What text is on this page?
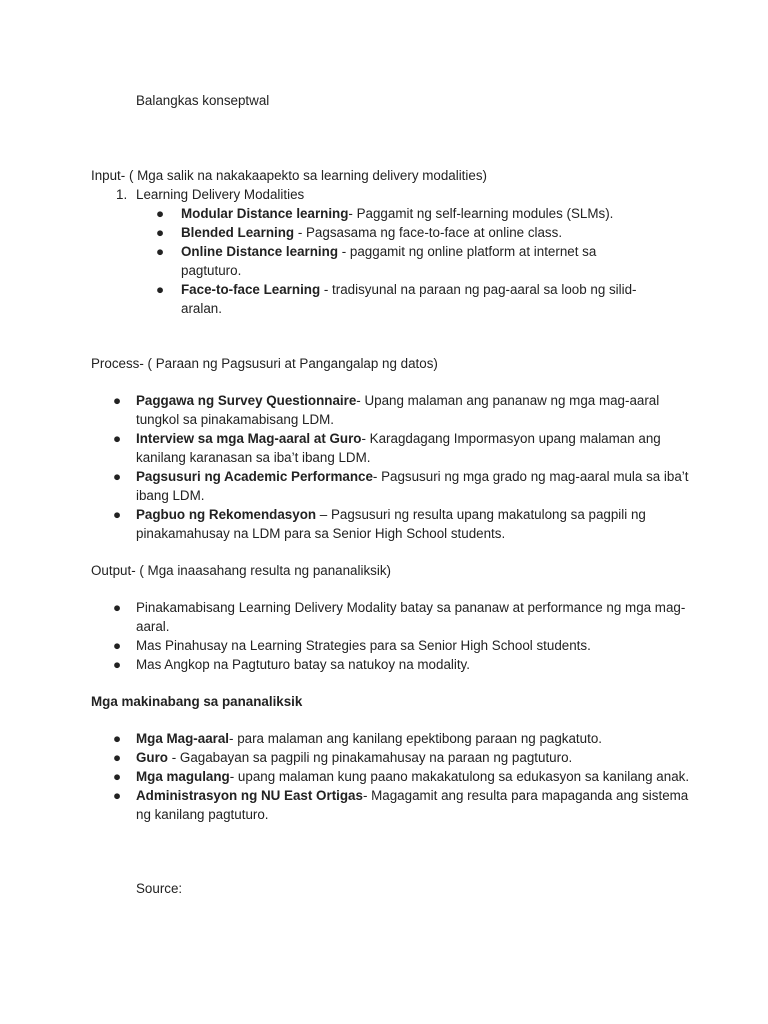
Balangkas konseptwal
Input- ( Mga salik na nakakaapekto sa learning delivery modalities)
1. Learning Delivery Modalities
● Modular Distance learning- Paggamit ng self-learning modules (SLMs).
● Blended Learning - Pagsasama ng face-to-face at online class.
● Online Distance learning - paggamit ng online platform at internet sa pagtuturo.
● Face-to-face Learning - tradisyunal na paraan ng pag-aaral sa loob ng silid-aralan.
Process- ( Paraan ng Pagsusuri at Pangangalap ng datos)
● Paggawa ng Survey Questionnaire- Upang malaman ang pananaw ng mga mag-aaral tungkol sa pinakamabisang LDM.
● Interview sa mga Mag-aaral at Guro- Karagdagang Impormasyon upang malaman ang kanilang karanasan sa iba’t ibang LDM.
● Pagsusuri ng Academic Performance- Pagsusuri ng mga grado ng mag-aaral mula sa iba’t ibang LDM.
● Pagbuo ng Rekomendasyon – Pagsusuri ng resulta upang makatulong sa pagpili ng pinakamahusay na LDM para sa Senior High School students.
Output- ( Mga inaasahang resulta ng pananaliksik)
● Pinakamabisang Learning Delivery Modality batay sa pananaw at performance ng mga mag-aaral.
● Mas Pinahusay na Learning Strategies para sa Senior High School students.
● Mas Angkop na Pagtuturo batay sa natukoy na modality.
Mga makinabang sa pananaliksik
● Mga Mag-aaral- para malaman ang kanilang epektibong paraan ng pagkatuto.
● Guro - Gagabayan sa pagpili ng pinakamahusay na paraan ng pagtuturo.
● Mga magulang- upang malaman kung paano makakatulong sa edukasyon sa kanilang anak.
● Administrasyon ng NU East Ortigas- Magagamit ang resulta para mapaganda ang sistema ng kanilang pagtuturo.
Source:
